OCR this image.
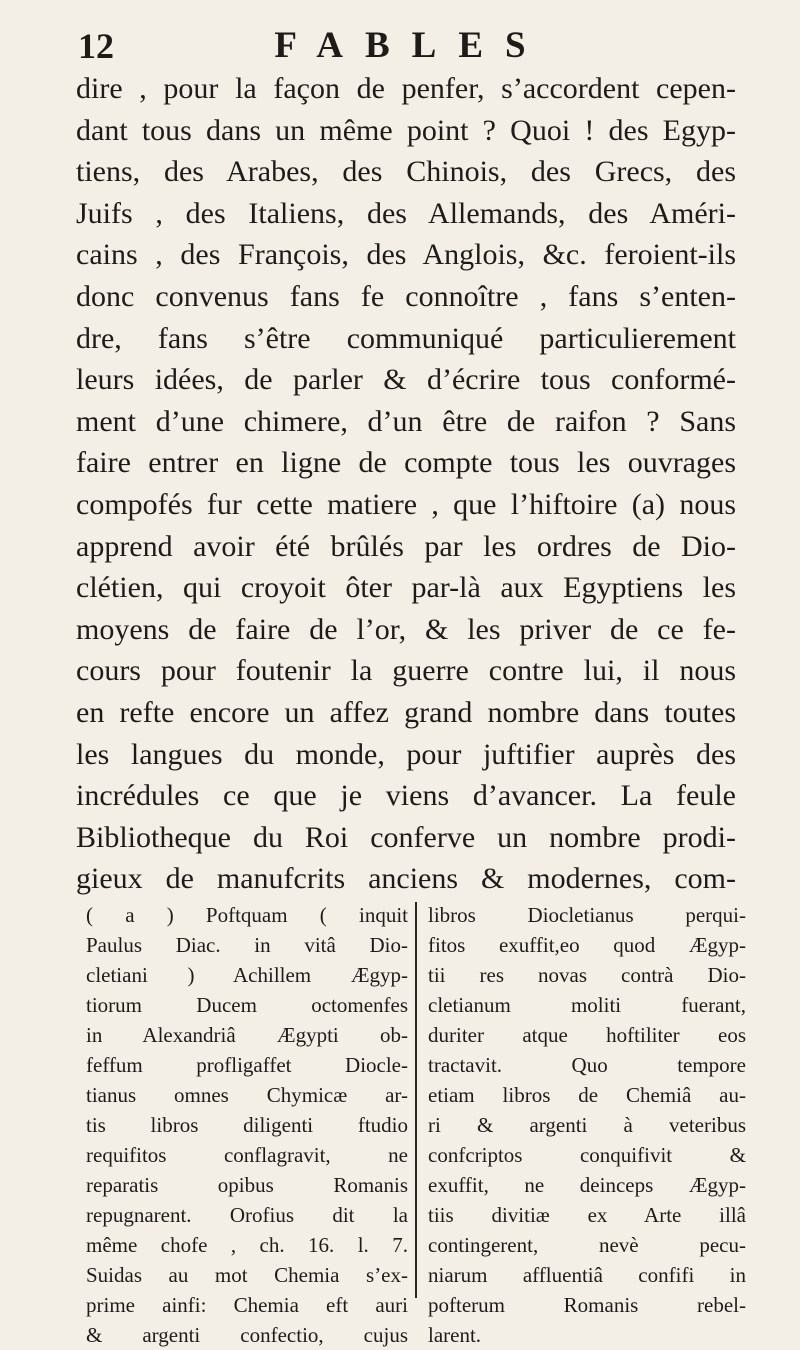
12	FABLES
dire , pour la façon de penfer, s’accordent cepen-
dant tous dans un même point ? Quoi ! des Egyp-
tiens, des Arabes, des Chinois, des Grecs, des
Juifs , des Italiens, des Allemands, des Améri-
cains , des François, des Anglois, &c. feroient-ils
donc convenus fans fe connoître , fans s’enten-
dre, fans s’être communiqué particulierement
leurs idées, de parler & d’écrire tous conformé-
ment d’une chimere, d’un être de raifon ? Sans
faire entrer en ligne de compte tous les ouvrages
compofés fur cette matiere , que l’hiftoire (a) nous
apprend avoir été brûlés par les ordres de Dio-
clétien, qui croyoit ôter par-là aux Egyptiens les
moyens de faire de l’or, & les priver de ce fe-
cours pour foutenir la guerre contre lui, il nous
en refte encore un affez grand nombre dans toutes
les langues du monde, pour juftifier auprès des
incrédules ce que je viens d’avancer. La feule
Bibliotheque du Roi conferve un nombre prodi-
gieux de manufcrits anciens & modernes, com-
( a ) Poftquam ( inquit
Paulus Diac. in vitâ Dio-
cletiani ) Achillem Ægyp-
tiorum Ducem octomenfes
in Alexandriâ Ægypti ob-
feffum profligaffet Diocle-
tianus omnes Chymicæ ar-
tis libros diligenti ftudio
requifitos conflagravit, ne
reparatis opibus Romanis
repugnarent. Orofius dit la
même chofe , ch. 16. l. 7.
Suidas au mot Chemia s’ex-
prime ainfi: Chemia eft auri
& argenti confectio, cujus
libros Diocletianus perqui-
fitos exuffit,eo quod Ægyp-
tii res novas contrà Dio-
cletianum moliti fuerant,
duriter atque hoftiliter eos
tractavit. Quo tempore
etiam libros de Chemiâ au-
ri & argenti à veteribus
confcriptos conquifivit &
exuffit, ne deinceps Ægyp-
tiis divitiæ ex Arte illâ
contingerent, nevè pecu-
niarum affluentiâ confifi in
pofterum Romanis rebel-
larent.
